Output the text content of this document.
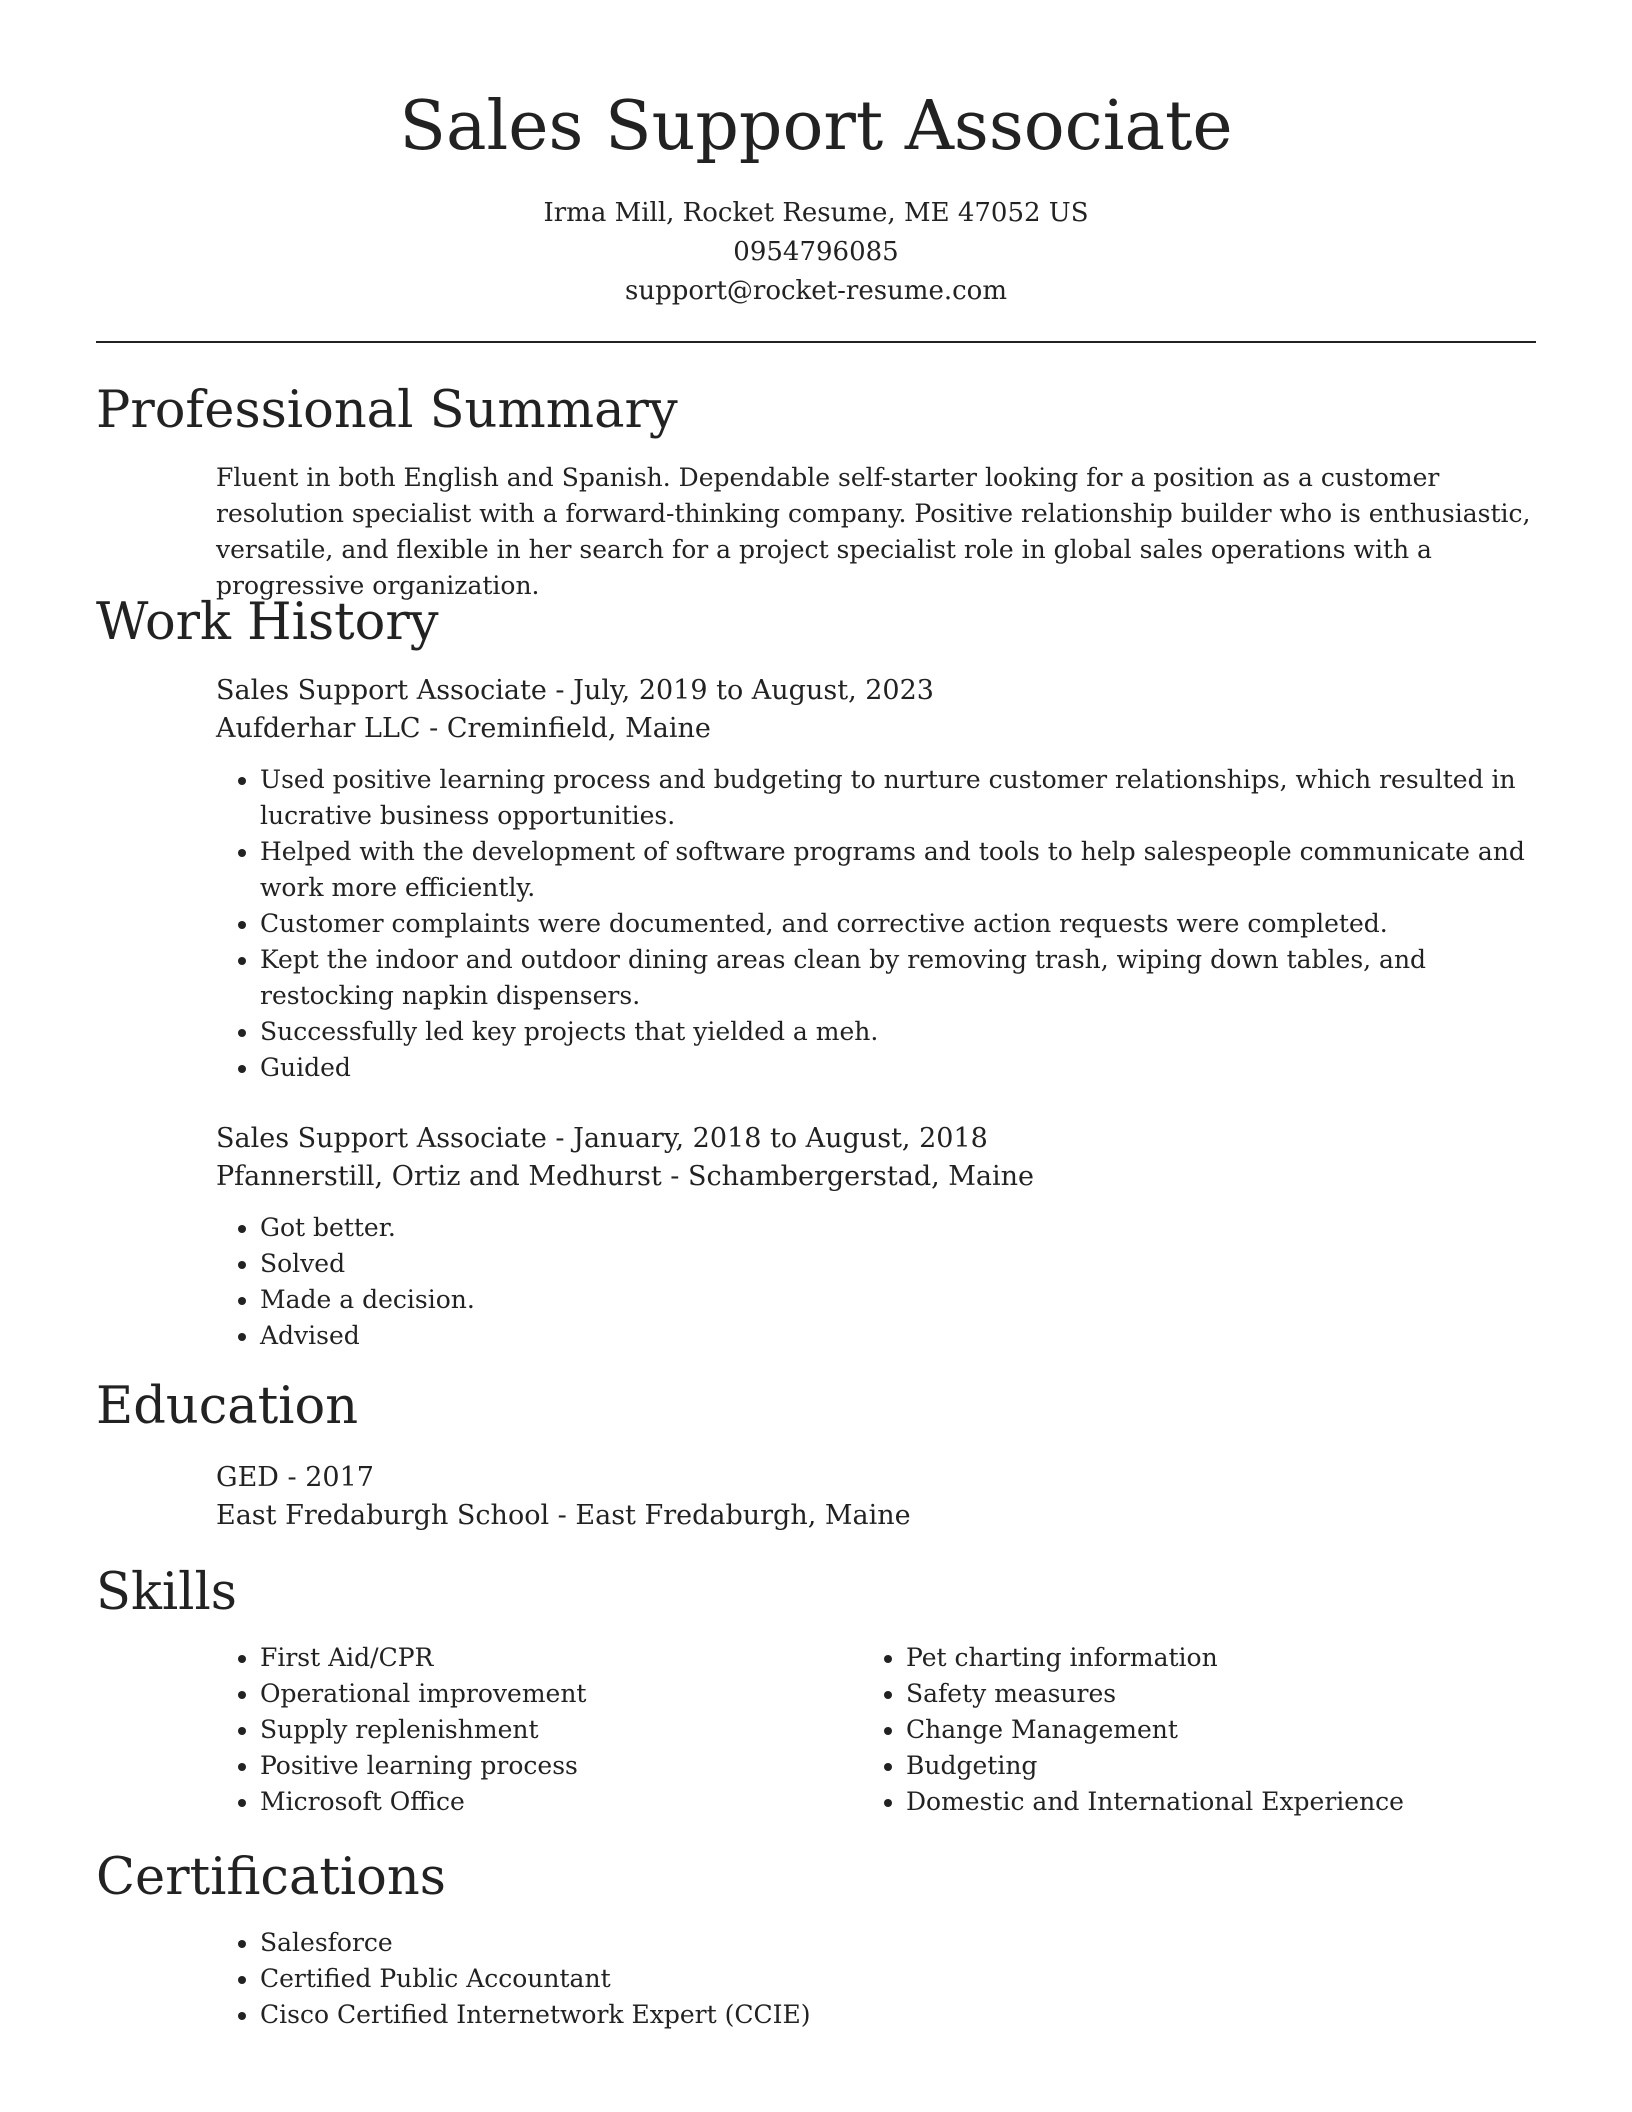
Sales Support Associate
Irma Mill, Rocket Resume, ME 47052 US
0954796085
support@rocket-resume.com
Professional Summary

Fluent in both English and Spanish. Dependable self-starter looking for a position as a customer resolution specialist with a forward-thinking company. Positive relationship builder who is enthusiastic, versatile, and flexible in her search for a project specialist role in global sales operations with a progressive organization.

Work History
Sales Support Associate - July, 2019 to August, 2023
Aufderhar LLC - Creminfield, Maine
• Used positive learning process and budgeting to nurture customer relationships, which resulted in lucrative business opportunities.
• Helped with the development of software programs and tools to help salespeople communicate and work more efficiently.
• Customer complaints were documented, and corrective action requests were completed.
• Kept the indoor and outdoor dining areas clean by removing trash, wiping down tables, and restocking napkin dispensers.
• Successfully led key projects that yielded a meh.
• Guided
Sales Support Associate - January, 2018 to August, 2018
Pfannerstill, Ortiz and Medhurst - Schambergerstad, Maine
• Got better.
• Solved
• Made a decision.
• Advised
Education
GED - 2017
East Fredaburgh School - East Fredaburgh, Maine
Skills
• First Aid/CPR
• Operational improvement
• Supply replenishment
• Positive learning process
• Microsoft Office
• Pet charting information
• Safety measures
• Change Management
• Budgeting
• Domestic and International Experience
Certifications
• Salesforce
• Certified Public Accountant
• Cisco Certified Internetwork Expert (CCIE)
